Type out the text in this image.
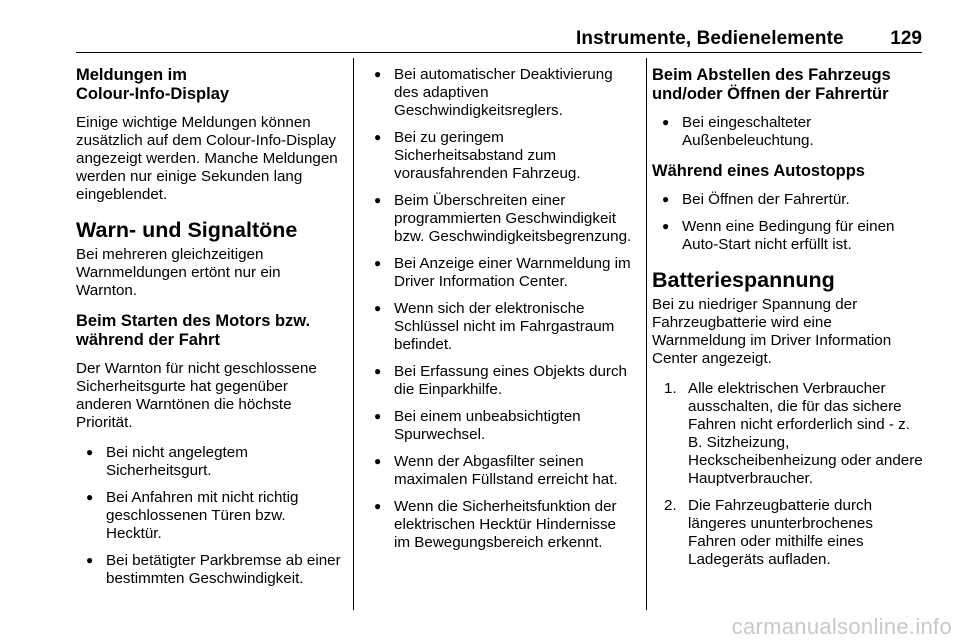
Instrumente, Bedienelemente 129
Meldungen im
Colour-Info-Display

Einige wichtige Meldungen können zusätzlich auf dem Colour-Info-Display angezeigt werden. Manche Meldungen werden nur einige Sekunden lang eingeblendet.

Warn- und Signaltöne

Bei mehreren gleichzeitigen Warnmeldungen ertönt nur ein Warnton.

Beim Starten des Motors bzw. während der Fahrt

Der Warnton für nicht geschlossene Sicherheitsgurte hat gegenüber anderen Warntönen die höchste Priorität.

● Bei nicht angelegtem Sicherheitsgurt.
● Bei Anfahren mit nicht richtig geschlossenen Türen bzw. Hecktür.
● Bei betätigter Parkbremse ab einer bestimmten Geschwindigkeit.
● Bei automatischer Deaktivierung des adaptiven Geschwindigkeitsreglers.
● Bei zu geringem Sicherheitsabstand zum vorausfahrenden Fahrzeug.
● Beim Überschreiten einer programmierten Geschwindigkeit bzw. Geschwindigkeitsbegrenzung.
● Bei Anzeige einer Warnmeldung im Driver Information Center.
● Wenn sich der elektronische Schlüssel nicht im Fahrgastraum befindet.
● Bei Erfassung eines Objekts durch die Einparkhilfe.
● Bei einem unbeabsichtigten Spurwechsel.
● Wenn der Abgasfilter seinen maximalen Füllstand erreicht hat.
● Wenn die Sicherheitsfunktion der elektrischen Hecktür Hindernisse im Bewegungsbereich erkennt.
Beim Abstellen des Fahrzeugs und/oder Öffnen der Fahrertür
● Bei eingeschalteter Außenbeleuchtung.
Während eines Autostopps
● Bei Öffnen der Fahrertür.
● Wenn eine Bedingung für einen Auto-Start nicht erfüllt ist.
Batteriespannung

Bei zu niedriger Spannung der Fahrzeugbatterie wird eine Warnmeldung im Driver Information Center angezeigt.

1. Alle elektrischen Verbraucher ausschalten, die für das sichere Fahren nicht erforderlich sind - z. B. Sitzheizung, Heckscheibenheizung oder andere Hauptverbraucher.
2. Die Fahrzeugbatterie durch längeres ununterbrochenes Fahren oder mithilfe eines Ladegeräts aufladen.
carmanualsonline.info
